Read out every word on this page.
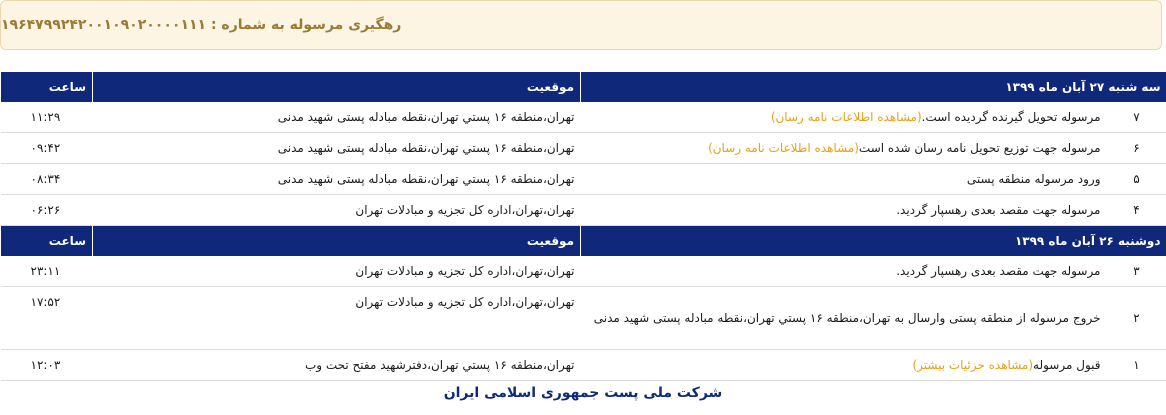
رهگیری مرسوله به شماره : ۱۹۶۴۷۹۹۲۴۲۰۰۱۰۹۰۲۰۰۰۰۱۱۱
سه شنبه ۲۷ آبان ماه ۱۳۹۹		موقعیت	ساعت
۷	مرسوله تحویل گیرنده گردیده است.(مشاهده اطلاعات نامه رسان)	تهران،منطقه ۱۶ پستي تهران،نقطه مبادله پستی شهید مدنی	۱۱:۲۹
۶	مرسوله جهت توزیع تحویل نامه رسان شده است(مشاهده اطلاعات نامه رسان)	تهران،منطقه ۱۶ پستي تهران،نقطه مبادله پستی شهید مدنی	۰۹:۴۲
۵	ورود مرسوله منطقه پستی	تهران،منطقه ۱۶ پستي تهران،نقطه مبادله پستی شهید مدنی	۰۸:۳۴
۴	مرسوله جهت مقصد بعدی رهسپار گردید.	تهران،تهران،اداره کل تجزیه و مبادلات تهران	۰۶:۲۶
دوشنبه ۲۶ آبان ماه ۱۳۹۹		موقعیت	ساعت
۳	مرسوله جهت مقصد بعدی رهسپار گردید.	تهران،تهران،اداره کل تجزیه و مبادلات تهران	۲۳:۱۱
۲	خروج مرسوله از منطقه پستی وارسال به تهران،منطقه ۱۶ پستي تهران،نقطه مبادله پستی شهید مدنی	تهران،تهران،اداره کل تجزیه و مبادلات تهران	۱۷:۵۲
۱	قبول مرسوله(مشاهده جزئیات بیشتر)	تهران،منطقه ۱۶ پستي تهران،دفترشهید مفتح تحت وب	۱۲:۰۳
شرکت ملی پست جمهوری اسلامی ایران
